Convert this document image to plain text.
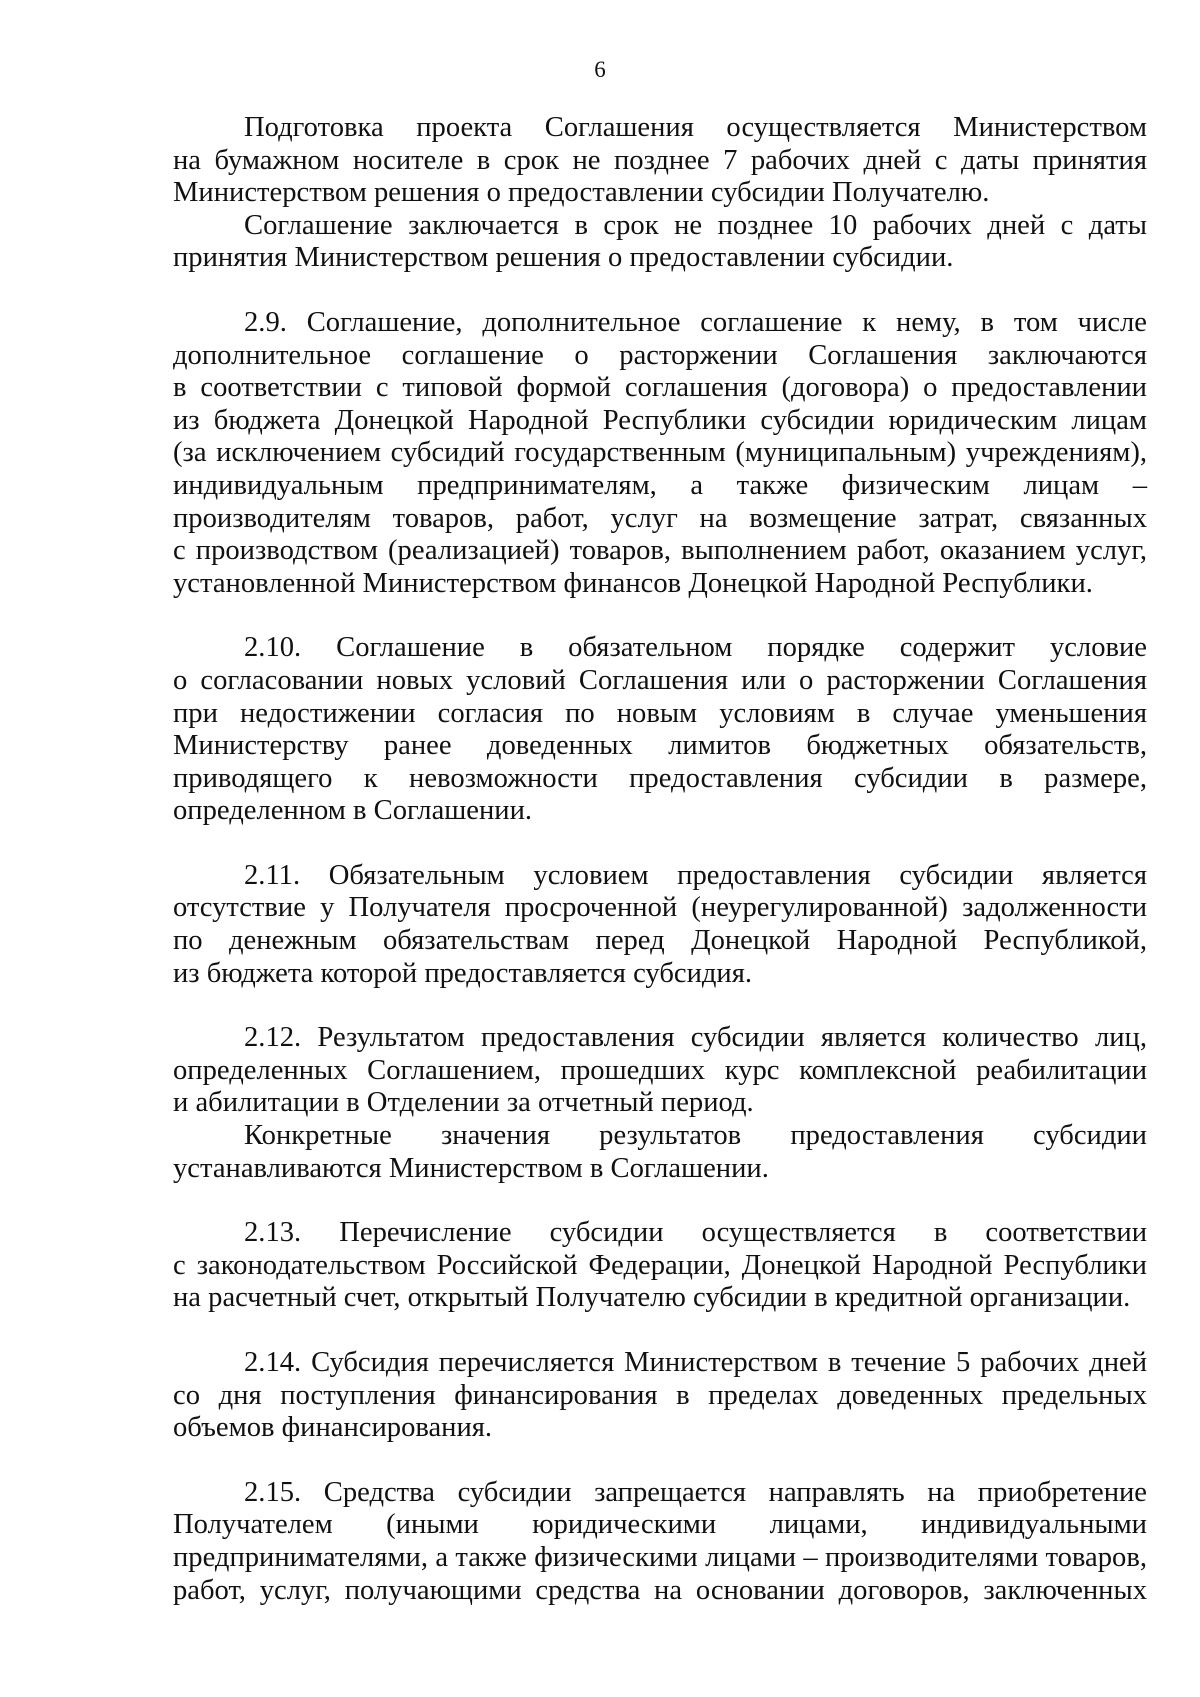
6

Подготовка проекта Соглашения осуществляется Министерством
на бумажном носителе в срок не позднее 7 рабочих дней с даты принятия
Министерством решения о предоставлении субсидии Получателю.

Соглашение заключается в срок не позднее 10 рабочих дней с даты
принятия Министерством решения о предоставлении субсидии.

2.9. Соглашение, дополнительное соглашение к нему, в том числе
дополнительное соглашение о расторжении Соглашения заключаются
в соответствии с типовой формой соглашения (договора) о предоставлении
из бюджета Донецкой Народной Республики субсидии юридическим лицам
(за исключением субсидий государственным (муниципальным) учреждениям),
индивидуальным предпринимателям, а также физическим лицам –
производителям товаров, работ, услуг на возмещение затрат, связанных
с производством (реализацией) товаров, выполнением работ, оказанием услуг,
установленной Министерством финансов Донецкой Народной Республики.

2.10. Соглашение в обязательном порядке содержит условие
о согласовании новых условий Соглашения или о расторжении Соглашения
при недостижении согласия по новым условиям в случае уменьшения
Министерству ранее доведенных лимитов бюджетных обязательств,
приводящего к невозможности предоставления субсидии в размере,
определенном в Соглашении.

2.11. Обязательным условием предоставления субсидии является
отсутствие у Получателя просроченной (неурегулированной) задолженности
по денежным обязательствам перед Донецкой Народной Республикой,
из бюджета которой предоставляется субсидия.

2.12. Результатом предоставления субсидии является количество лиц,
определенных Соглашением, прошедших курс комплексной реабилитации
и абилитации в Отделении за отчетный период.

Конкретные значения результатов предоставления субсидии
устанавливаются Министерством в Соглашении.

2.13. Перечисление субсидии осуществляется в соответствии
с законодательством Российской Федерации, Донецкой Народной Республики
на расчетный счет, открытый Получателю субсидии в кредитной организации.

2.14. Субсидия перечисляется Министерством в течение 5 рабочих дней
со дня поступления финансирования в пределах доведенных предельных
объемов финансирования.

2.15. Средства субсидии запрещается направлять на приобретение
Получателем (иными юридическими лицами, индивидуальными
предпринимателями, а также физическими лицами – производителями товаров,
работ, услуг, получающими средства на основании договоров, заключенных
